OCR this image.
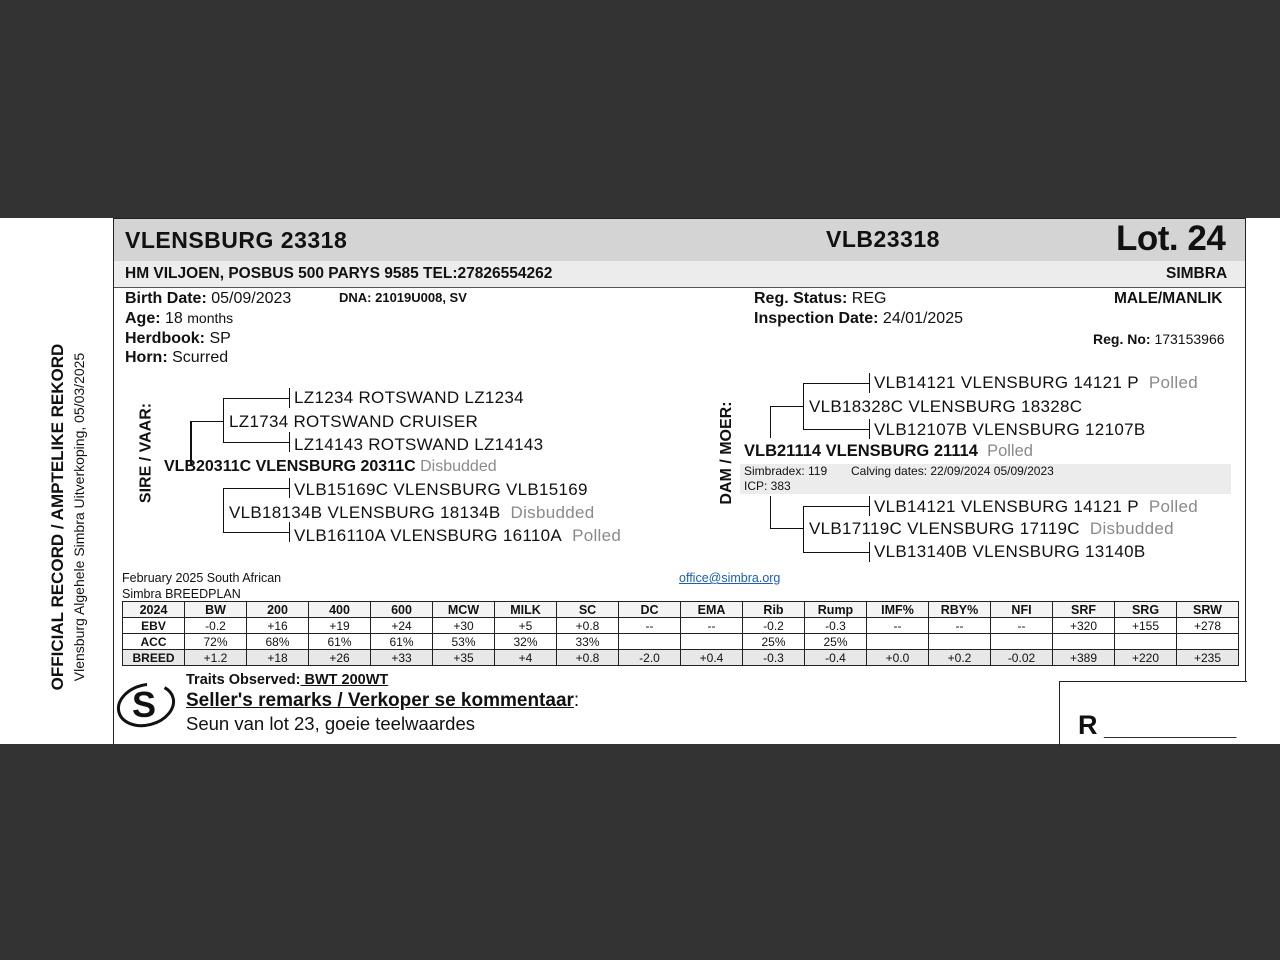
OFFICIAL RECORD / AMPTELIKE REKORD Vlensburg Algehele Simbra Uitverkoping, 05/03/2025
VLENSBURG 23318	VLB23318	Lot. 24
HM VILJOEN, POSBUS 500 PARYS 9585 TEL:27826554262	SIMBRA
Birth Date: 05/09/2023	DNA: 21019U008, SV
Age: 18 months
Herdbook: SP
Horn: Scurred
Reg. Status: REG
Inspection Date: 24/01/2025
MALE/MANLIK
Reg. No: 173153966
SIRE / VAAR:
LZ1234 ROTSWAND LZ1234
LZ1734 ROTSWAND CRUISER
LZ14143 ROTSWAND LZ14143
VLB20311C VLENSBURG 20311C Disbudded
VLB15169C VLENSBURG VLB15169
VLB18134B VLENSBURG 18134B Disbudded
VLB16110A VLENSBURG 16110A Polled
DAM / MOER:
VLB14121 VLENSBURG 14121 P Polled
VLB18328C VLENSBURG 18328C
VLB12107B VLENSBURG 12107B
VLB21114 VLENSBURG 21114 Polled
Simbradex: 119 Calving dates: 22/09/2024 05/09/2023
ICP: 383
VLB14121 VLENSBURG 14121 P Polled
VLB17119C VLENSBURG 17119C Disbudded
VLB13140B VLENSBURG 13140B
February 2025 South African
Simbra BREEDPLAN
office@simbra.org
2024	BW	200	400	600	MCW	MILK	SC	DC	EMA	Rib	Rump	IMF%	RBY%	NFI	SRF	SRG	SRW
EBV	-0.2	+16	+19	+24	+30	+5	+0.8	--	--	-0.2	-0.3	--	--	--	+320	+155	+278
ACC	72%	68%	61%	61%	53%	32%	33%			25%	25%						
BREED	+1.2	+18	+26	+33	+35	+4	+0.8	-2.0	+0.4	-0.3	-0.4	+0.0	+0.2	-0.02	+389	+220	+235
S
Traits Observed: BWT 200WT
Seller's remarks / Verkoper se kommentaar:
Seun van lot 23, goeie teelwaardes	R _________________
